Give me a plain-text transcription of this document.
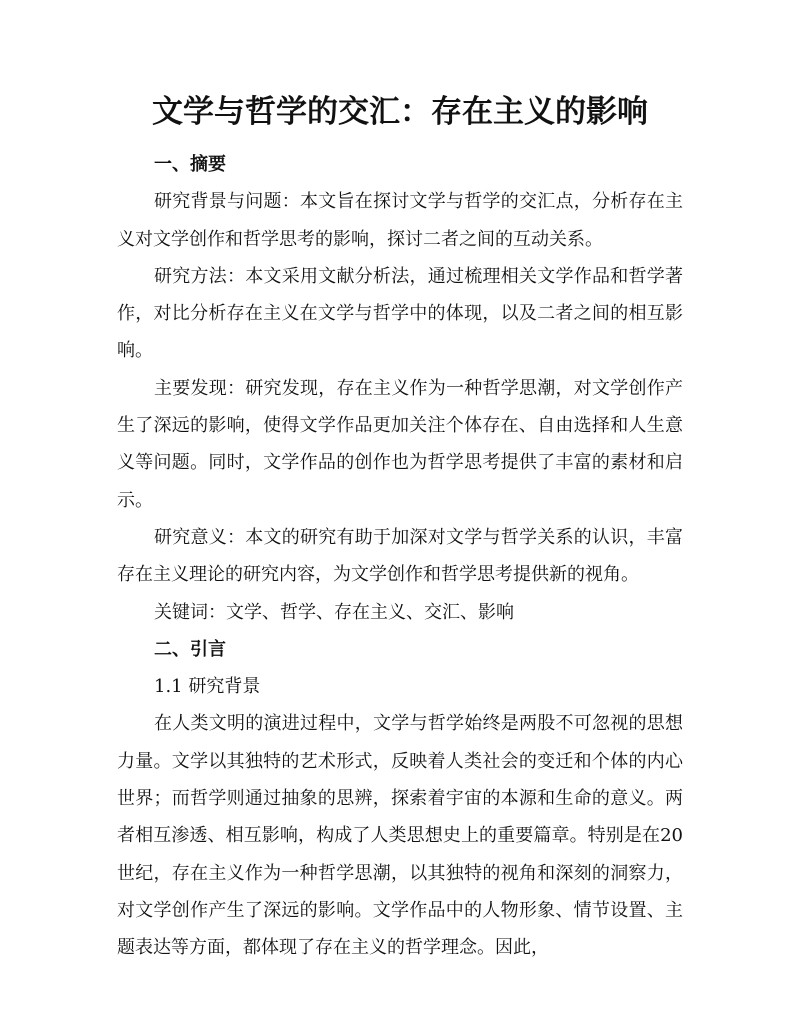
文学与哲学的交汇：存在主义的影响

一、摘要

研究背景与问题：本文旨在探讨文学与哲学的交汇点，分析存在主义对文学创作和哲学思考的影响，探讨二者之间的互动关系。

研究方法：本文采用文献分析法，通过梳理相关文学作品和哲学著作，对比分析存在主义在文学与哲学中的体现，以及二者之间的相互影响。

主要发现：研究发现，存在主义作为一种哲学思潮，对文学创作产生了深远的影响，使得文学作品更加关注个体存在、自由选择和人生意义等问题。同时，文学作品的创作也为哲学思考提供了丰富的素材和启示。

研究意义：本文的研究有助于加深对文学与哲学关系的认识，丰富存在主义理论的研究内容，为文学创作和哲学思考提供新的视角。

关键词：文学、哲学、存在主义、交汇、影响

二、引言

1.1 研究背景

在人类文明的演进过程中，文学与哲学始终是两股不可忽视的思想力量。文学以其独特的艺术形式，反映着人类社会的变迁和个体的内心世界；而哲学则通过抽象的思辨，探索着宇宙的本源和生命的意义。两者相互渗透、相互影响，构成了人类思想史上的重要篇章。特别是在20世纪，存在主义作为一种哲学思潮，以其独特的视角和深刻的洞察力，对文学创作产生了深远的影响。文学作品中的人物形象、情节设置、主题表达等方面，都体现了存在主义的哲学理念。因此，
